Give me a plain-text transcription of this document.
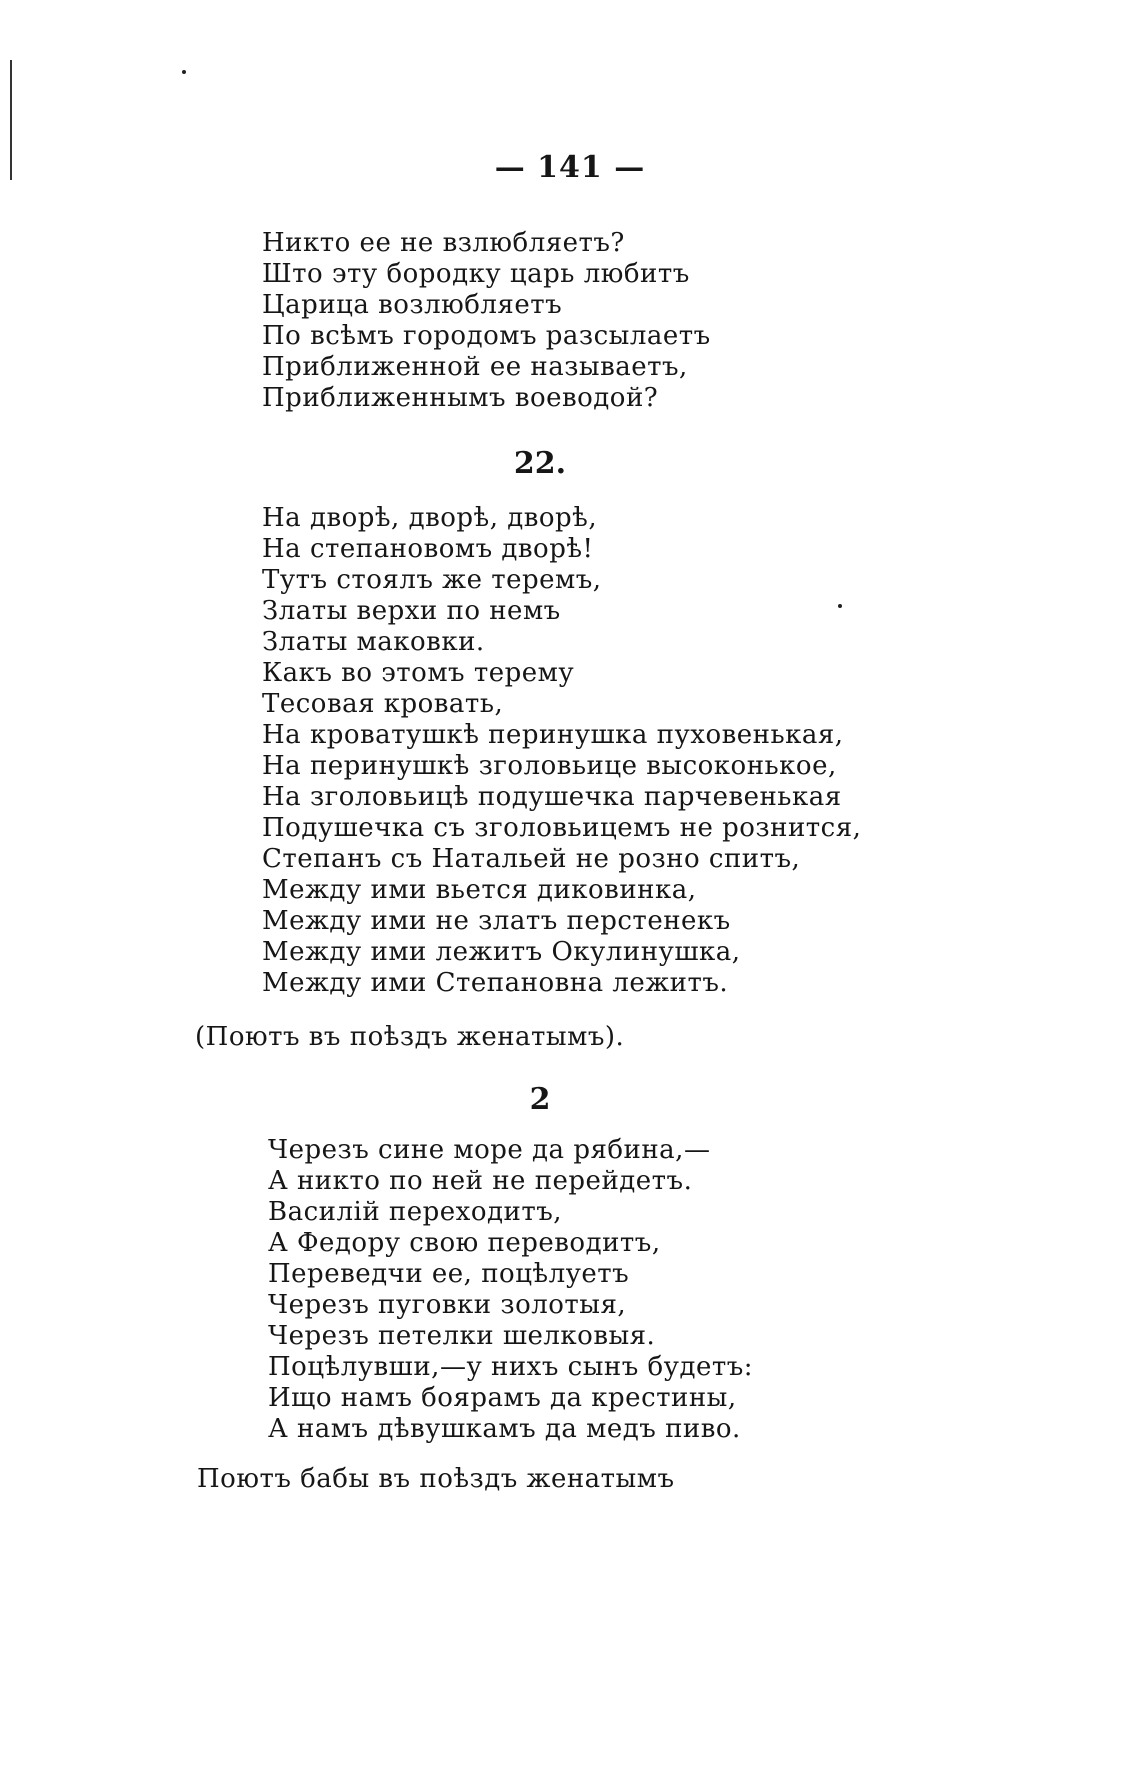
— 141 —
Никто ее не взлюбляетъ?
Што эту бородку царь любитъ
Царица возлюбляетъ
По всѣмъ городомъ разсылаетъ
Приближенной ее называетъ,
Приближеннымъ воеводой?
22.
На дворѣ, дворѣ, дворѣ,
На степановомъ дворѣ!
Тутъ стоялъ же теремъ,
Златы верхи по немъ
Златы маковки.
Какъ во этомъ терему
Тесовая кровать,
На кроватушкѣ перинушка пуховенькая,
На перинушкѣ зголовьице высоконькое,
На зголовьицѣ подушечка парчевенькая
Подушечка съ зголовьицемъ не рознится,
Степанъ съ Натальей не розно спитъ,
Между ими вьется диковинка,
Между ими не златъ перстенекъ
Между ими лежитъ Окулинушка,
Между ими Степановна лежитъ.
(Поютъ въ поѣздъ женатымъ).
2
Черезъ сине море да рябина,—
А никто по ней не перейдетъ.
Василій переходитъ,
А Федору свою переводитъ,
Переведчи ее, поцѣлуетъ
Черезъ пуговки золотыя,
Черезъ петелки шелковыя.
Поцѣлувши,—у нихъ сынъ будетъ:
Ищо намъ боярамъ да крестины,
А намъ дѣвушкамъ да медъ пиво.
Поютъ бабы въ поѣздъ женатымъ
